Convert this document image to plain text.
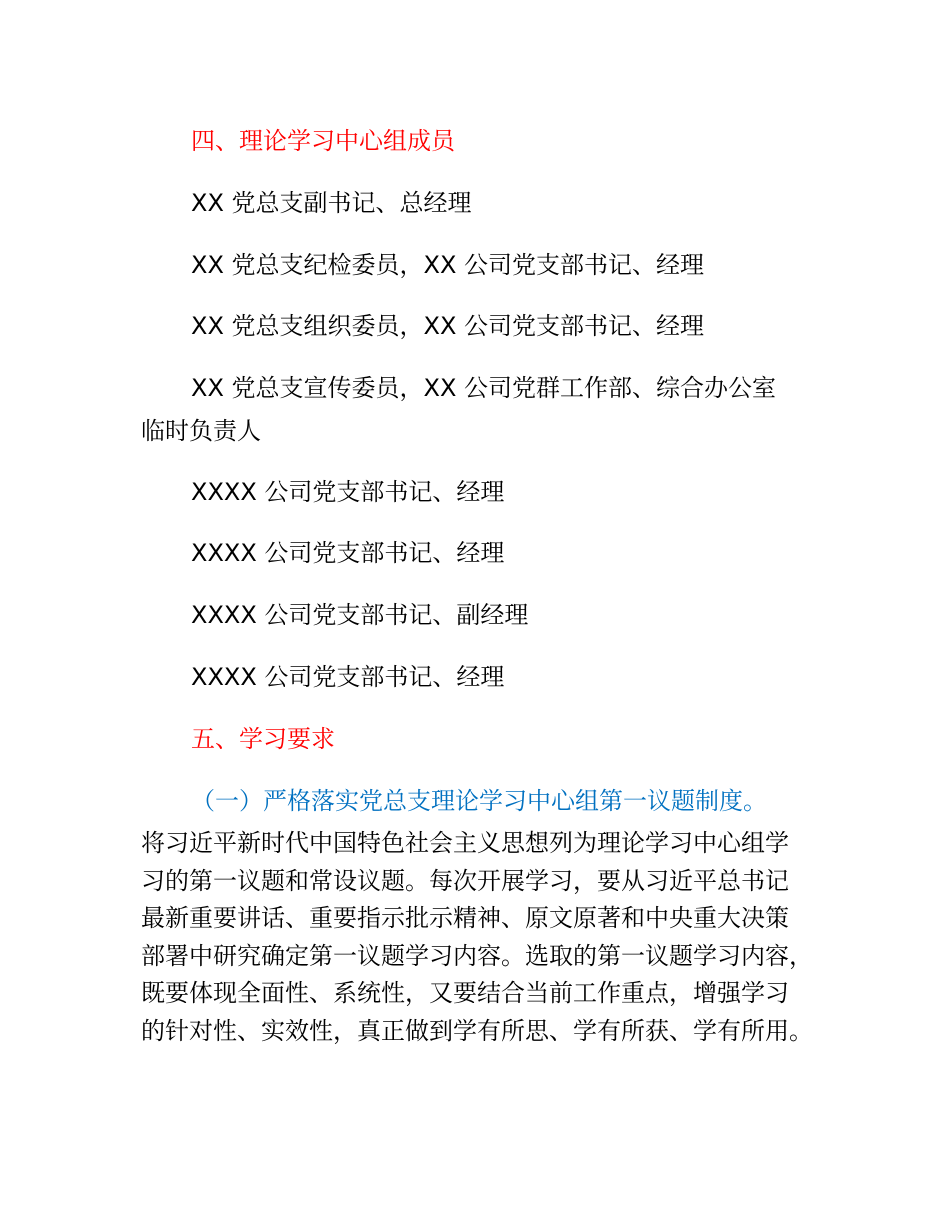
四、理论学习中心组成员
XX 党总支副书记、总经理
XX 党总支纪检委员，XX 公司党支部书记、经理
XX 党总支组织委员，XX 公司党支部书记、经理
XX 党总支宣传委员，XX 公司党群工作部、综合办公室
临时负责人
XXXX 公司党支部书记、经理
XXXX 公司党支部书记、经理
XXXX 公司党支部书记、副经理
XXXX 公司党支部书记、经理
五、学习要求
（一）严格落实党总支理论学习中心组第一议题制度。
将习近平新时代中国特色社会主义思想列为理论学习中心组学
习的第一议题和常设议题。每次开展学习，要从习近平总书记
最新重要讲话、重要指示批示精神、原文原著和中央重大决策
部署中研究确定第一议题学习内容。选取的第一议题学习内容，
既要体现全面性、系统性，又要结合当前工作重点，增强学习
的针对性、实效性，真正做到学有所思、学有所获、学有所用。
